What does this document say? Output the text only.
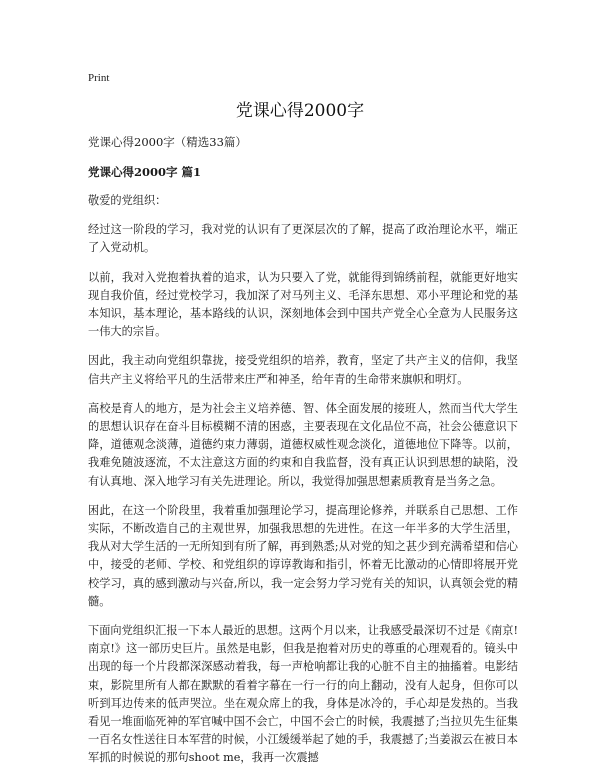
Print
党课心得2000字

党课心得2000字（精选33篇）

党课心得2000字 篇1

敬爱的党组织：

经过这一阶段的学习，我对党的认识有了更深层次的了解，提高了政治理论水平，端正了入党动机。

以前，我对入党抱着执着的追求，认为只要入了党，就能得到锦绣前程，就能更好地实现自我价值，经过党校学习，我加深了对马列主义、毛泽东思想、邓小平理论和党的基本知识，基本理论，基本路线的认识，深刻地体会到中国共产党全心全意为人民服务这一伟大的宗旨。

因此，我主动向党组织靠拢，接受党组织的培养，教育，坚定了共产主义的信仰，我坚信共产主义将给平凡的生活带来庄严和神圣，给年青的生命带来旗帜和明灯。

高校是育人的地方，是为社会主义培养德、智、体全面发展的接班人，然而当代大学生的思想认识存在奋斗目标模糊不清的困惑，主要表现在文化品位不高，社会公德意识下降，道德观念淡薄，道德约束力薄弱，道德权威性观念淡化，道德地位下降等。以前，我难免随波逐流，不太注意这方面的约束和自我监督，没有真正认识到思想的缺陷，没有认真地、深入地学习有关先进理论。所以，我觉得加强思想素质教育是当务之急。

困此，在这一个阶段里，我着重加强理论学习，提高理论修养，并联系自己思想、工作实际，不断改造自己的主观世界，加强我思想的先进性。在这一年半多的大学生活里，我从对大学生活的一无所知到有所了解，再到熟悉;从对党的知之甚少到充满希望和信心中，接受的老师、学校、和党组织的谆谆教诲和指引，怀着无比激动的心情即将展开党校学习，真的感到激动与兴奋,所以，我一定会努力学习党有关的知识，认真领会党的精髓。

下面向党组织汇报一下本人最近的思想。这两个月以来，让我感受最深切不过是《南京!南京!》这一部历史巨片。虽然是电影，但我是抱着对历史的尊重的心理观看的。镜头中出现的每一个片段都深深感动着我，每一声枪响都让我的心脏不自主的抽搐着。电影结束，影院里所有人都在默默的看着字幕在一行一行的向上翻动，没有人起身，但你可以听到耳边传来的低声哭泣。坐在观众席上的我，身体是冰冷的，手心却是发热的。当我看见一堆面临死神的军官喊中国不会亡，中国不会亡的时候，我震撼了;当拉贝先生征集一百名女性送往日本军营的时候，小江缓缓举起了她的手，我震撼了;当姜淑云在被日本军抓的时候说的那句shoot me，我再一次震撼
